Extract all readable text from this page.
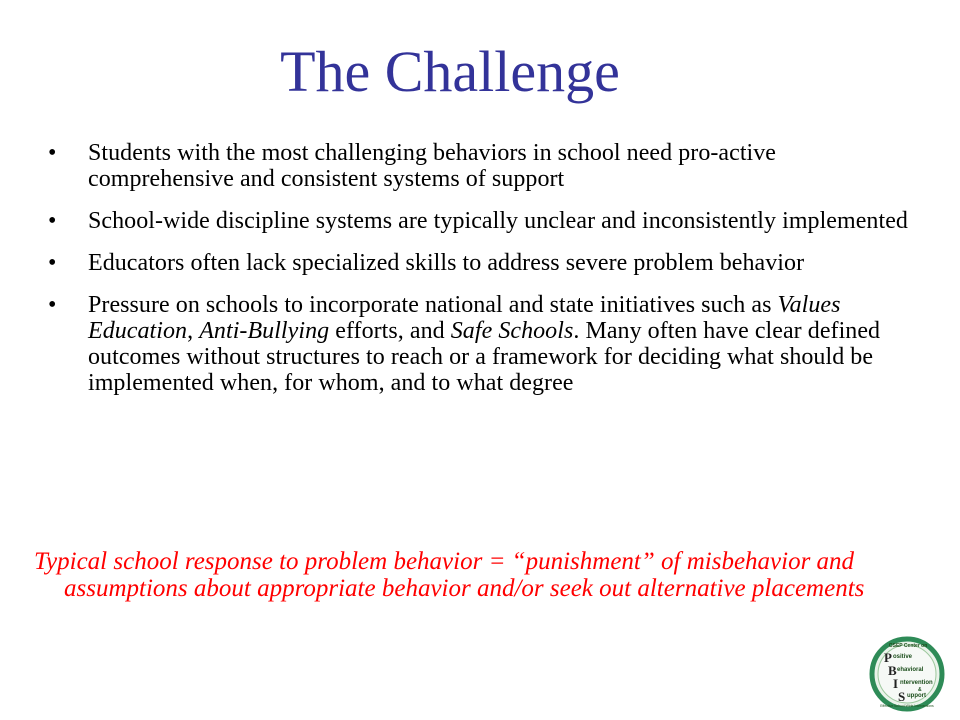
The Challenge
• Students with the most challenging behaviors in school need pro-active comprehensive and consistent systems of support
• School-wide discipline systems are typically unclear and inconsistently implemented
• Educators often lack specialized skills to address severe problem behavior
• Pressure on schools to incorporate national and state initiatives such as Values Education, Anti-Bullying efforts, and Safe Schools. Many often have clear defined outcomes without structures to reach or a framework for deciding what should be implemented when, for whom, and to what degree

Typical school response to problem behavior = “punishment” of misbehavior and assumptions about appropriate behavior and/or seek out alternative placements

OSEP Center on
P ositive
B ehavioral
I ntervention
&
S upport
Effective School-Wide Interventions
